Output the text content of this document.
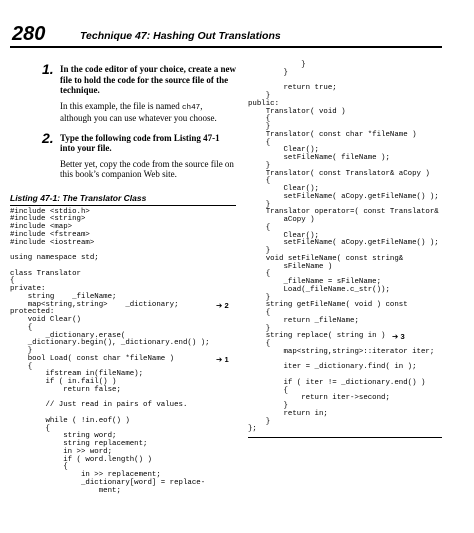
280	Technique 47: Hashing Out Translations
1. In the code editor of your choice, create a new file to hold the code for the source file of the technique.
In this example, the file is named ch47, although you can use whatever you choose.
2. Type the following code from Listing 47-1 into your file.
Better yet, copy the code from the source file on this book’s companion Web site.
Listing 47-1: The Translator Class
#include <stdio.h>
#include <string>
#include <map>
#include <fstream>
#include <iostream>
using namespace std;
class Translator
{
private:
string    _fileName;
map<string,string>    _dictionary;	➔ 2
protected:
void Clear()
{
_dictionary.erase(
_dictionary.begin(), _dictionary.end() );
}
bool Load( const char *fileName )	➔ 1
{
ifstream in(fileName);
if ( in.fail() )
return false;
// Just read in pairs of values.
while ( !in.eof() )
{
string word;
string replacement;
in >> word;
if ( word.length() )
{
in >> replacement;
_dictionary[word] = replace-
ment;
}
}
return true;
}
public:
Translator( void )
{
}
Translator( const char *fileName )
{
Clear();
setFileName( fileName );
}
Translator( const Translator& aCopy )
{
Clear();
setFileName( aCopy.getFileName() );
}
Translator operator=( const Translator&
aCopy )
{
Clear();
setFileName( aCopy.getFileName() );
}
void setFileName( const string&
sFileName )
{
_fileName = sFileName;
Load(_fileName.c_str());
}
string getFileName( void ) const
{
return _fileName;
}
string replace( string in ) ➔ 3
{
map<string,string>::iterator iter;
iter = _dictionary.find( in );
if ( iter != _dictionary.end() )
{
return iter->second;
}
return in;
}
};
